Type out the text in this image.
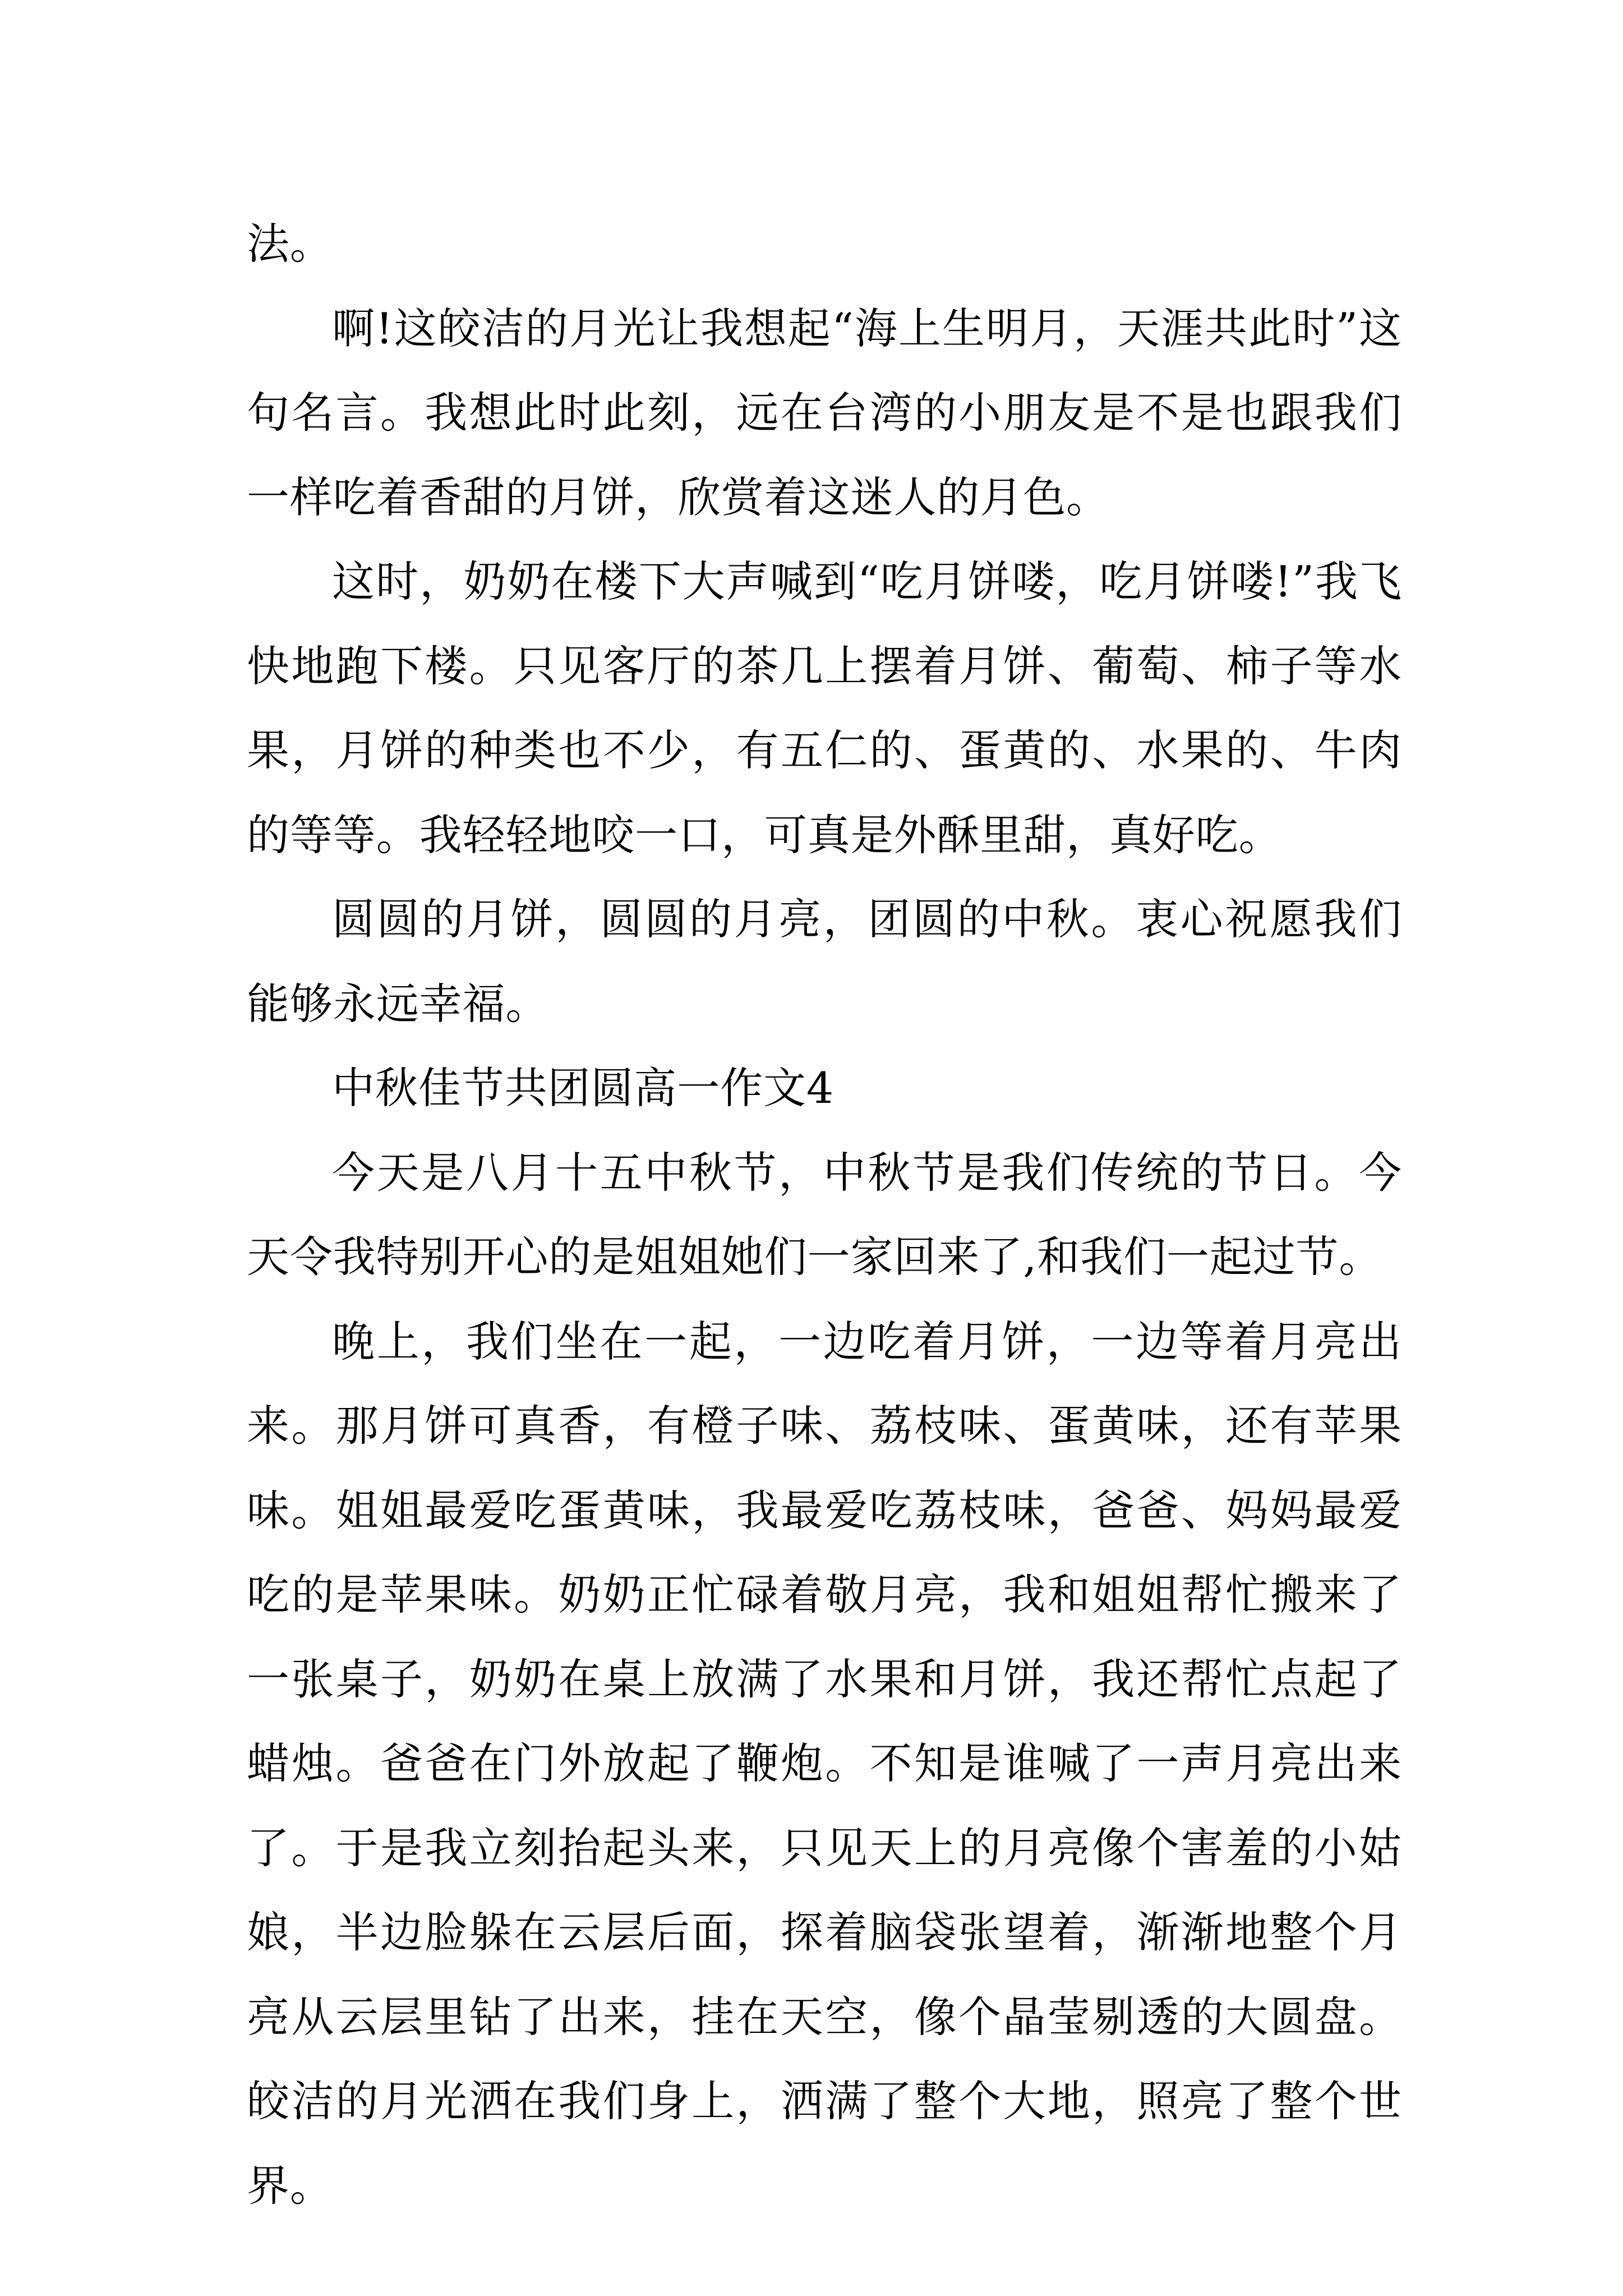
法。

啊!这皎洁的月光让我想起“海上生明月，天涯共此时”这句名言。我想此时此刻，远在台湾的小朋友是不是也跟我们一样吃着香甜的月饼，欣赏着这迷人的月色。

这时，奶奶在楼下大声喊到“吃月饼喽，吃月饼喽!”我飞快地跑下楼。只见客厅的茶几上摆着月饼、葡萄、柿子等水果，月饼的种类也不少，有五仁的、蛋黄的、水果的、牛肉的等等。我轻轻地咬一口，可真是外酥里甜，真好吃。

圆圆的月饼，圆圆的月亮，团圆的中秋。衷心祝愿我们能够永远幸福。

中秋佳节共团圆高一作文4

今天是八月十五中秋节，中秋节是我们传统的节日。今天令我特别开心的是姐姐她们一家回来了,和我们一起过节。

晚上，我们坐在一起，一边吃着月饼，一边等着月亮出来。那月饼可真香，有橙子味、荔枝味、蛋黄味，还有苹果味。姐姐最爱吃蛋黄味，我最爱吃荔枝味，爸爸、妈妈最爱吃的是苹果味。奶奶正忙碌着敬月亮，我和姐姐帮忙搬来了一张桌子，奶奶在桌上放满了水果和月饼，我还帮忙点起了蜡烛。爸爸在门外放起了鞭炮。不知是谁喊了一声月亮出来了。于是我立刻抬起头来，只见天上的月亮像个害羞的小姑娘，半边脸躲在云层后面，探着脑袋张望着，渐渐地整个月亮从云层里钻了出来，挂在天空，像个晶莹剔透的大圆盘。皎洁的月光洒在我们身上，洒满了整个大地，照亮了整个世界。
